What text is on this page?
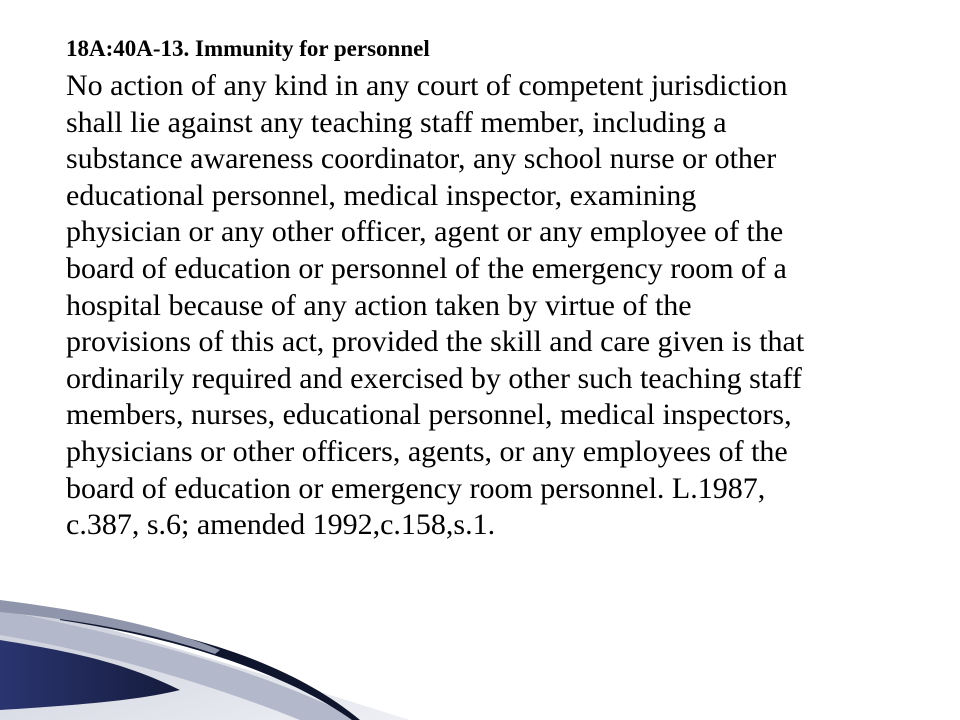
18A:40A-13. Immunity for personnel
No action of any kind in any court of competent jurisdiction
shall lie against any teaching staff member, including a
substance awareness coordinator, any school nurse or other
educational personnel, medical inspector, examining
physician or any other officer, agent or any employee of the
board of education or personnel of the emergency room of a
hospital because of any action taken by virtue of the
provisions of this act, provided the skill and care given is that
ordinarily required and exercised by other such teaching staff
members, nurses, educational personnel, medical inspectors,
physicians or other officers, agents, or any employees of the
board of education or emergency room personnel. L.1987,
c.387, s.6; amended 1992,c.158,s.1.
